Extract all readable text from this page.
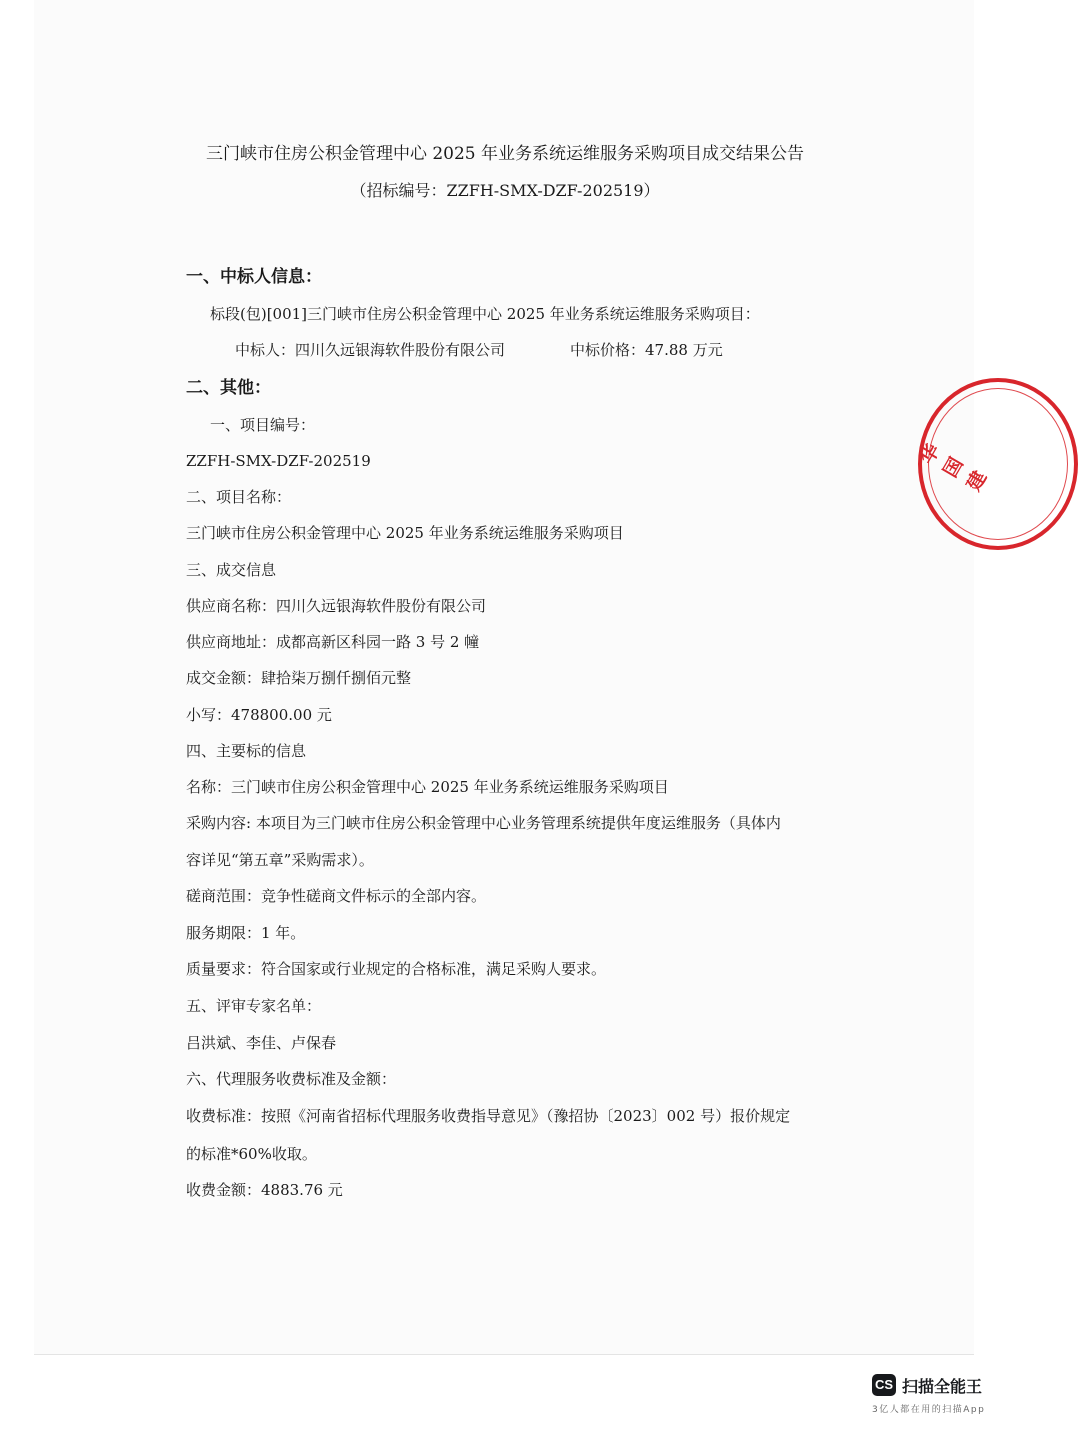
三门峡市住房公积金管理中心 2025 年业务系统运维服务采购项目成交结果公告
（招标编号：ZZFH-SMX-DZF-202519）
一、中标人信息：
标段(包)[001]三门峡市住房公积金管理中心 2025 年业务系统运维服务采购项目：
中标人：四川久远银海软件股份有限公司	中标价格：47.88 万元
二、其他：
一、项目编号：
ZZFH-SMX-DZF-202519
二、项目名称：
三门峡市住房公积金管理中心 2025 年业务系统运维服务采购项目
三、成交信息
供应商名称：四川久远银海软件股份有限公司
供应商地址：成都高新区科园一路 3 号 2 幢
成交金额：肆拾柒万捌仟捌佰元整
小写：478800.00 元
四、主要标的信息
名称：三门峡市住房公积金管理中心 2025 年业务系统运维服务采购项目
采购内容: 本项目为三门峡市住房公积金管理中心业务管理系统提供年度运维服务（具体内
容详见“第五章”采购需求）。
磋商范围：竞争性磋商文件标示的全部内容。
服务期限：1 年。
质量要求：符合国家或行业规定的合格标准，满足采购人要求。
五、评审专家名单：
吕洪斌、李佳、卢保春
六、代理服务收费标准及金额：
收费标准：按照《河南省招标代理服务收费指导意见》（豫招协〔2023〕002 号）报价规定
的标准*60%收取。
收费金额：4883.76 元
华 国 建
CS 扫描全能王
3亿人都在用的扫描App
